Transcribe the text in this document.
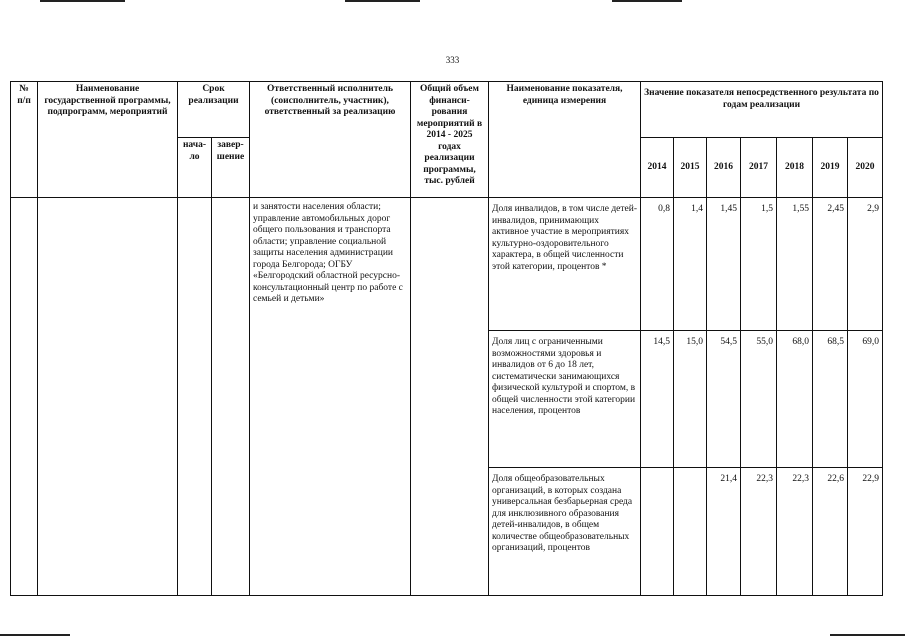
333
№ п/п	Наименование государственной программы, подпрограмм, мероприятий	Срок реализации		Ответственный исполнитель (соисполнитель, участник), ответственный за реализацию	Общий объем финанси-рования мероприятий в 2014 - 2025 годах реализации программы, тыс. рублей	Наименование показателя, единица измерения	Значение показателя непосредственного результата по годам реализации						
		нача-ло	завер-шение				2014	2015	2016	2017	2018	2019	2020
				и занятости населения области; управление автомобильных дорог общего пользования и транспорта области; управление социальной защиты населения администрации города Белгорода; ОГБУ «Белгородский областной ресурсно-консультационный центр по работе с семьей и детьми»		Доля инвалидов, в том числе детей-инвалидов, принимающих активное участие в мероприятиях культурно-оздоровительного характера, в общей численности этой категории, процентов *	0,8	1,4	1,45	1,5	1,55	2,45	2,9
						Доля лиц с ограниченными возможностями здоровья и инвалидов от 6 до 18 лет, систематически занимающихся физической культурой и спортом, в общей численности этой категории населения, процентов	14,5	15,0	54,5	55,0	68,0	68,5	69,0
						Доля общеобразовательных организаций, в которых создана универсальная безбарьерная среда для инклюзивного образования детей-инвалидов, в общем количестве общеобразовательных организаций, процентов			21,4	22,3	22,3	22,6	22,9
